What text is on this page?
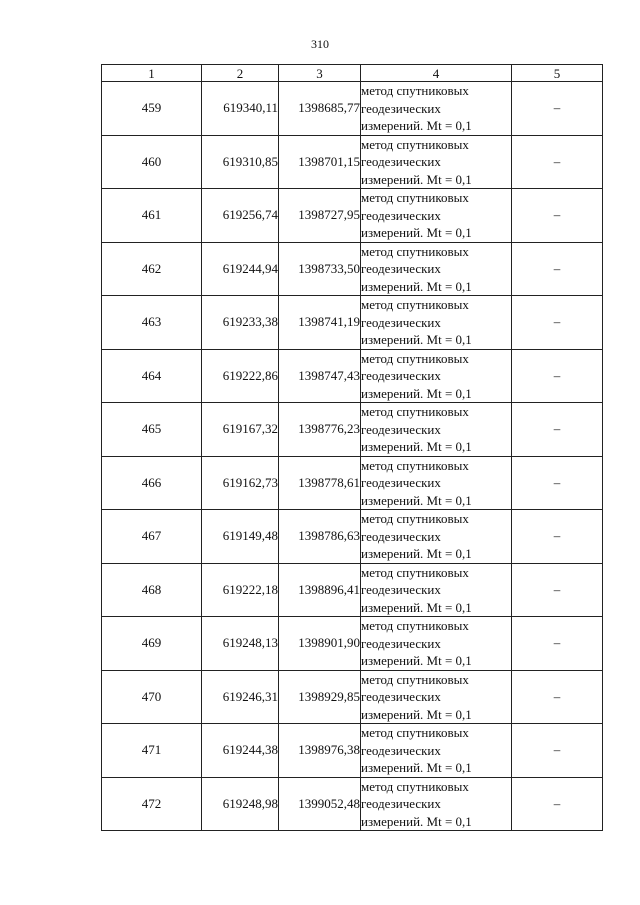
310
1	2	3	4	5
459	619340,11	1398685,77	метод спутниковых
геодезических
измерений. Mt = 0,1	–
460	619310,85	1398701,15	метод спутниковых
геодезических
измерений. Mt = 0,1	–
461	619256,74	1398727,95	метод спутниковых
геодезических
измерений. Mt = 0,1	–
462	619244,94	1398733,50	метод спутниковых
геодезических
измерений. Mt = 0,1	–
463	619233,38	1398741,19	метод спутниковых
геодезических
измерений. Mt = 0,1	–
464	619222,86	1398747,43	метод спутниковых
геодезических
измерений. Mt = 0,1	–
465	619167,32	1398776,23	метод спутниковых
геодезических
измерений. Mt = 0,1	–
466	619162,73	1398778,61	метод спутниковых
геодезических
измерений. Mt = 0,1	–
467	619149,48	1398786,63	метод спутниковых
геодезических
измерений. Mt = 0,1	–
468	619222,18	1398896,41	метод спутниковых
геодезических
измерений. Mt = 0,1	–
469	619248,13	1398901,90	метод спутниковых
геодезических
измерений. Mt = 0,1	–
470	619246,31	1398929,85	метод спутниковых
геодезических
измерений. Mt = 0,1	–
471	619244,38	1398976,38	метод спутниковых
геодезических
измерений. Mt = 0,1	–
472	619248,98	1399052,48	метод спутниковых
геодезических
измерений. Mt = 0,1	–
